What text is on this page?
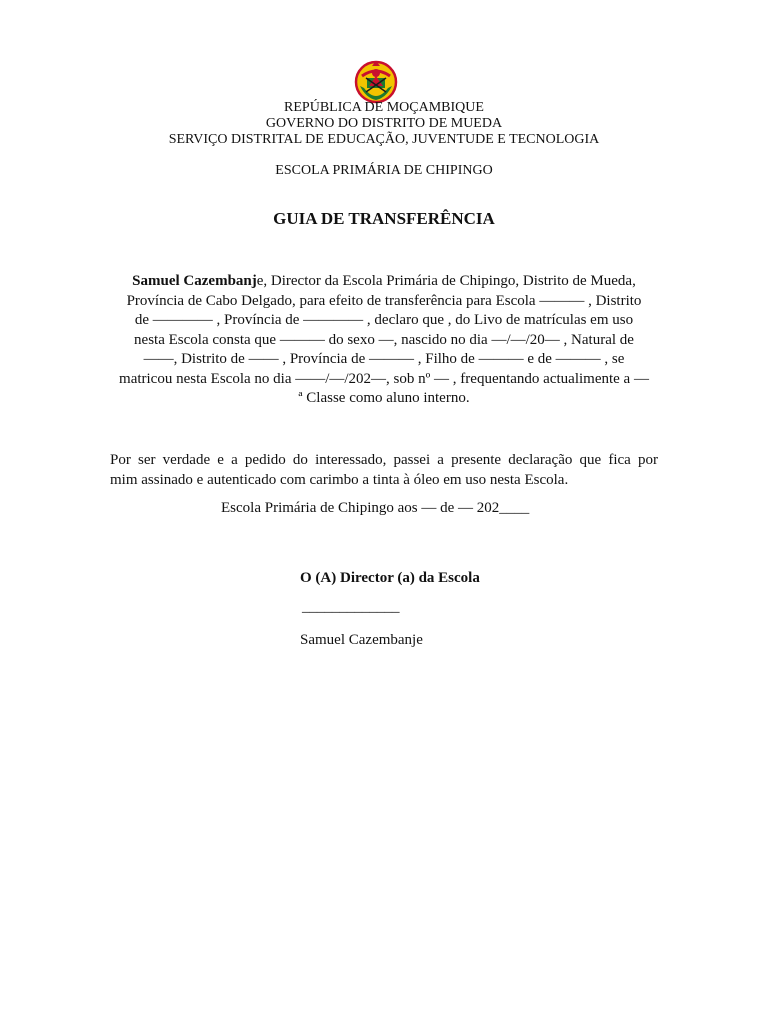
REPÚBLICA DE MOÇAMBIQUE
GOVERNO DO DISTRITO DE MUEDA
SERVIÇO DISTRITAL DE EDUCAÇÃO, JUVENTUDE E TECNOLOGIA
ESCOLA PRIMÁRIA DE CHIPINGO
GUIA DE TRANSFERÊNCIA
Samuel Cazembanje, Director da Escola Primária de Chipingo, Distrito de Mueda,
Província de Cabo Delgado, para efeito de transferência para Escola ——— , Distrito
de ———— , Província de ———— , declaro que , do Livo de matrículas em uso
nesta Escola consta que ——— do sexo —, nascido no dia —/—/20— , Natural de
——, Distrito de —— , Província de ——— , Filho de ——— e de ——— , se
matricou nesta Escola no dia ——/—/202—, sob nº — , frequentando actualimente a —
ª Classe como aluno interno.
Por ser verdade e a pedido do interessado, passei a presente declaração que fica por
mim assinado e autenticado com carimbo a tinta à óleo em uso nesta Escola.
Escola Primária de Chipingo aos — de — 202____
O (A) Director (a) da Escola
_____________
Samuel Cazembanje
